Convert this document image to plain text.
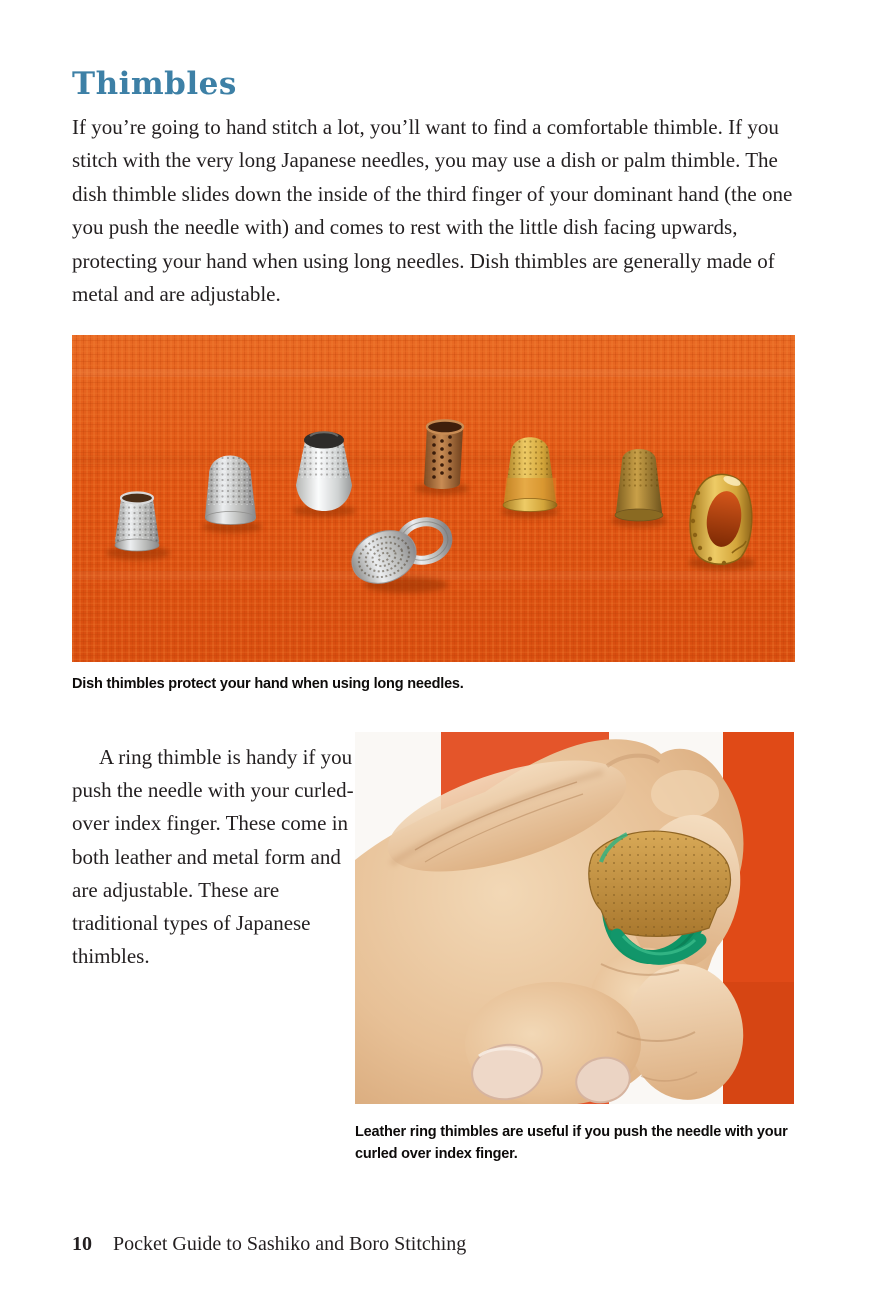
Thimbles
If you’re going to hand stitch a lot, you’ll want to find a comfortable thimble. If you stitch with the very long Japanese needles, you may use a dish or palm thimble. The dish thimble slides down the inside of the third finger of your dominant hand (the one you push the needle with) and comes to rest with the little dish facing upwards, protecting your hand when using long needles. Dish thimbles are generally made of metal and are adjustable.
Dish thimbles protect your hand when using long needles.
A ring thimble is handy if you push the needle with your curled-over index finger. These come in both leather and metal form and are adjustable. These are traditional types of Japanese thimbles.
Leather ring thimbles are useful if you push the needle with your curled over index finger.
10 Pocket Guide to Sashiko and Boro Stitching
